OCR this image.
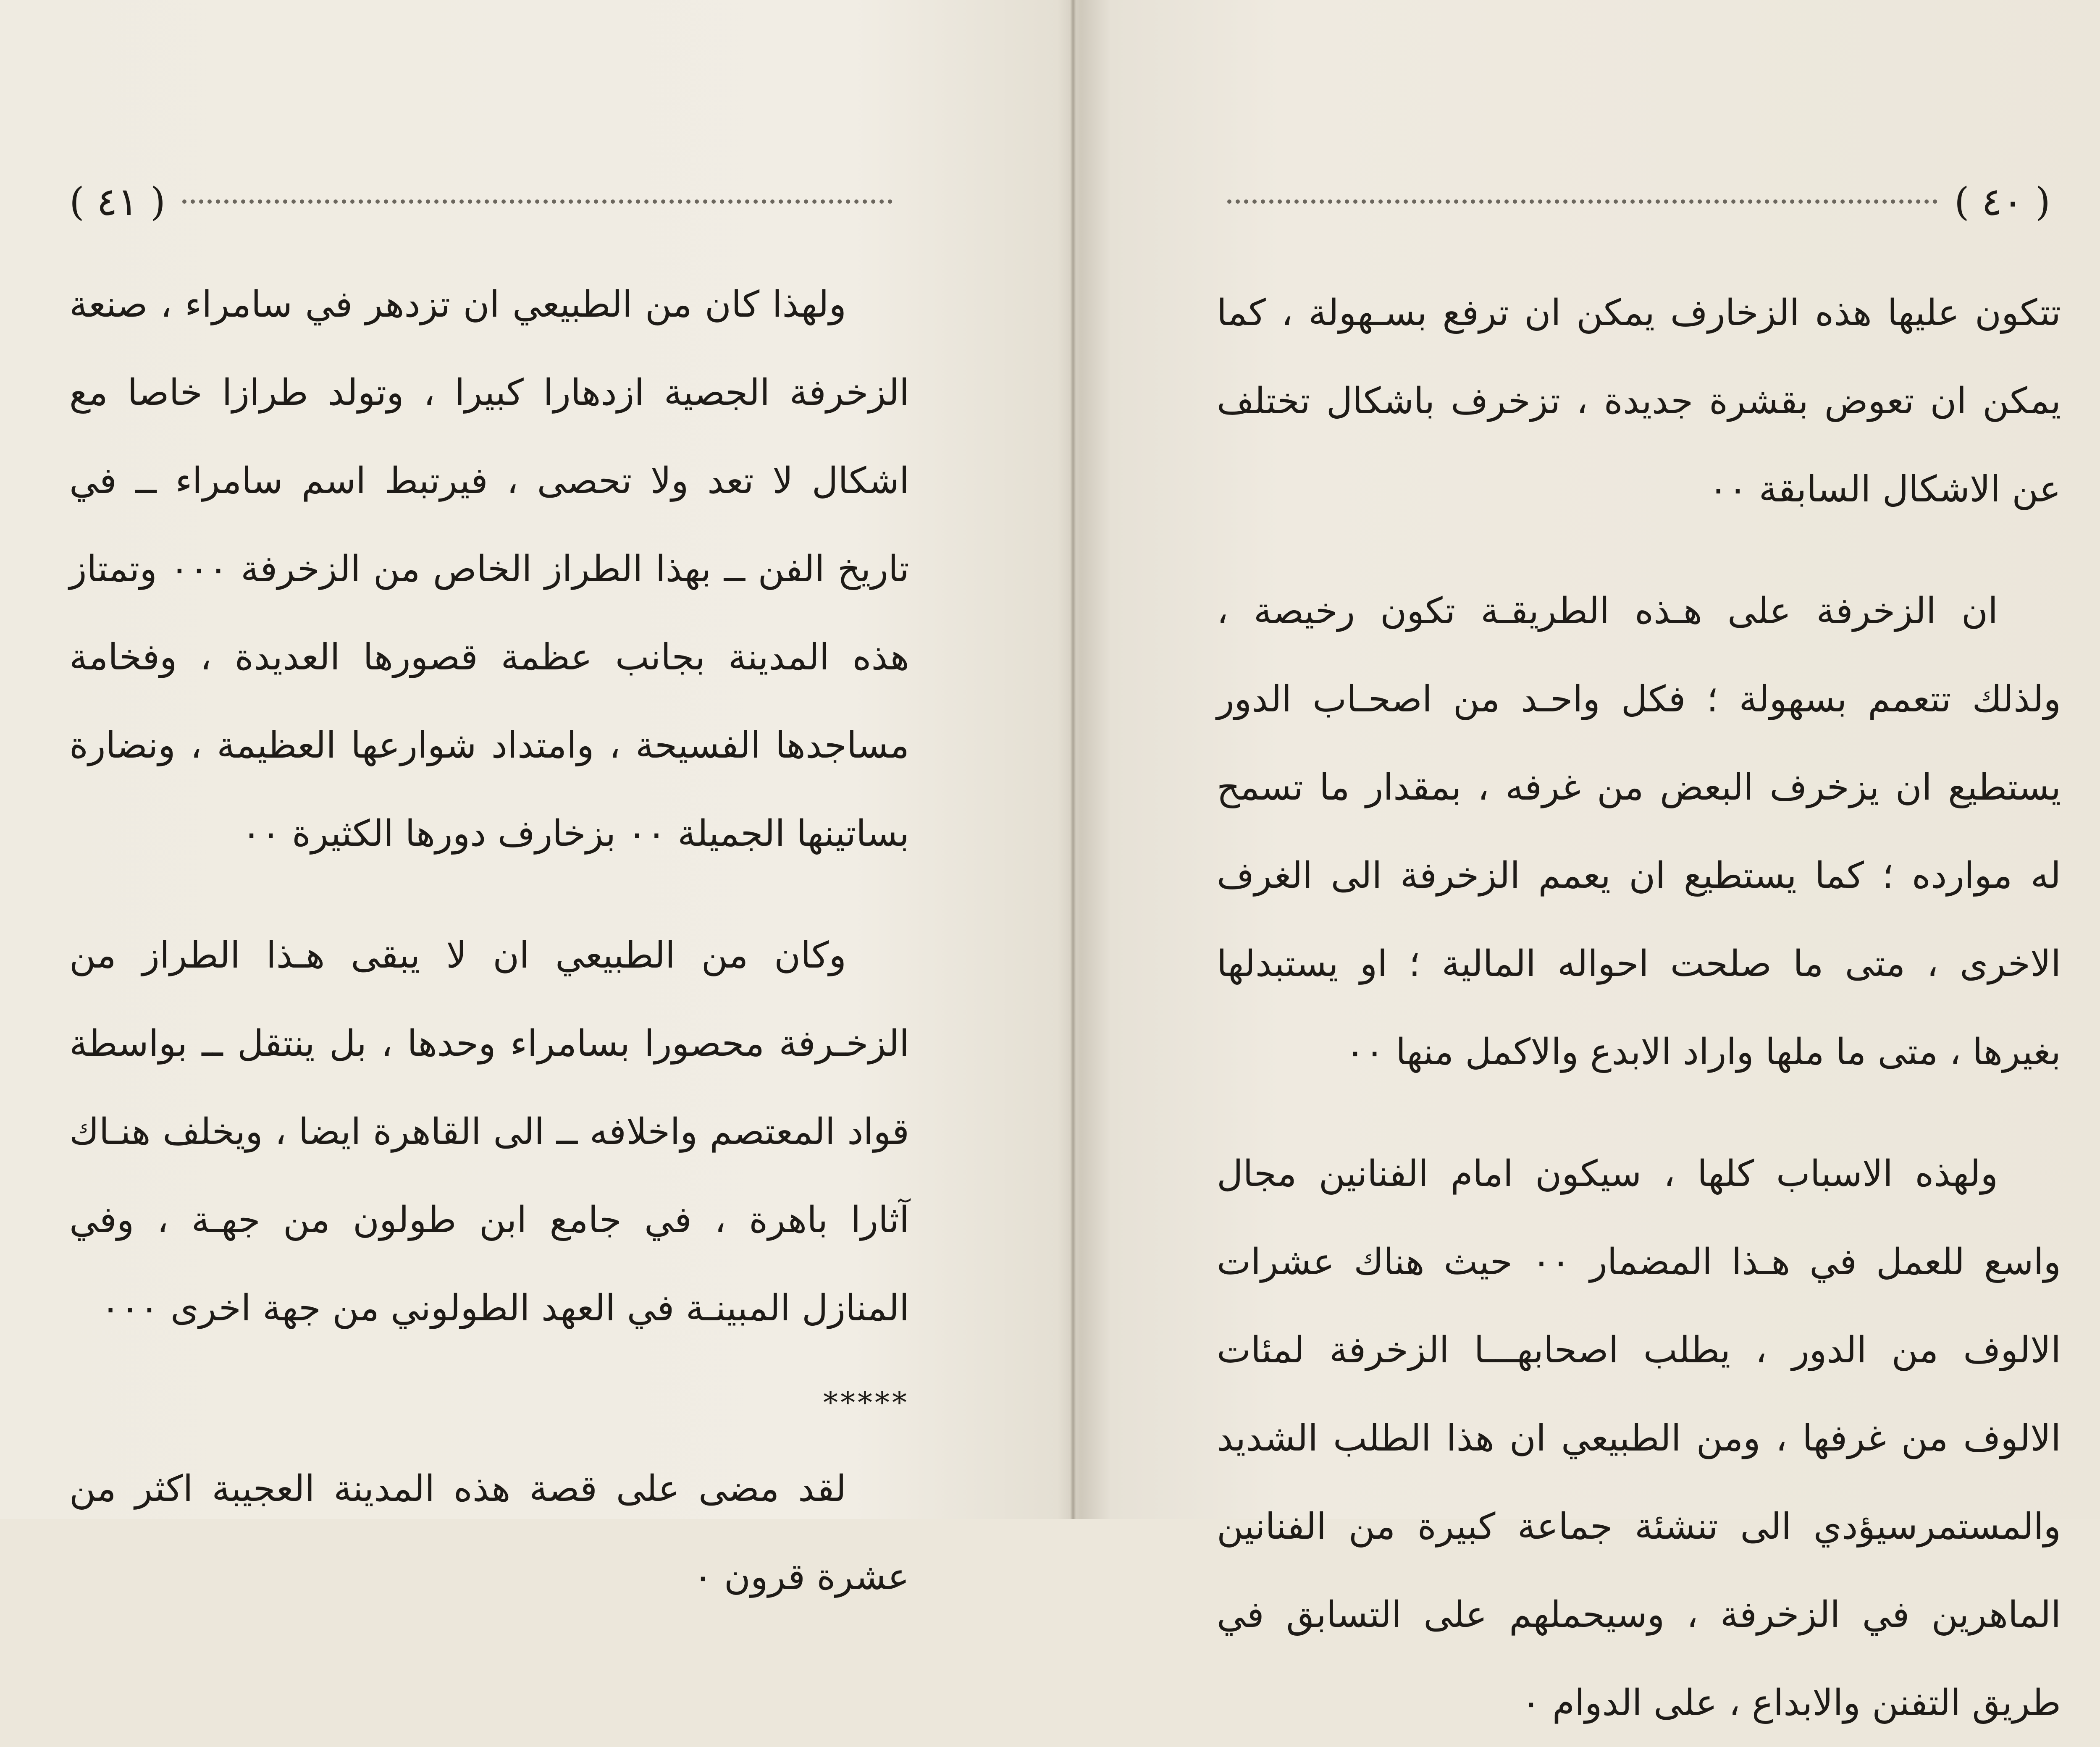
( ٤١ )

ولهذا كان من الطبيعي ان تزدهر في سامراء ، صنعة الزخرفة الجصية ازدهارا كبيرا ، وتولد طرازا خاصا مع اشكال لا تعد ولا تحصى ، فيرتبط اسم سامراء ــ في تاريخ الفن ــ بهذا الطراز الخاص من الزخرفة ٠٠٠ وتمتاز هذه المدينة بجانب عظمة قصورها العديدة ، وفخامة مساجدها الفسيحة ، وامتداد شوارعها العظيمة ، ونضارة بساتينها الجميلة ٠٠ بزخارف دورها الكثيرة ٠٠

وكان من الطبيعي ان لا يبقى هـذا الطراز من الزخـرفة محصورا بسامراء وحدها ، بل ينتقل ــ بواسطة قواد المعتصم واخلافه ــ الى القاهرة ايضا ، ويخلف هنـاك آثارا باهرة ، في جامع ابن طولون من جهـة ، وفي المنازل المبينـة في العهد الطولوني من جهة اخرى ٠٠٠

*****

لقد مضى على قصة هذه المدينة العجيبة اكثر من عشرة قرون ٠

( ٤٠ )

تتكون عليها هذه الزخارف يمكن ان ترفع بسـهولة ، كما يمكن ان تعوض بقشرة جديدة ، تزخرف باشكال تختلف عن الاشكال السابقة ٠٠

ان الزخرفة على هـذه الطريقـة تكون رخيصة ، ولذلك تتعمم بسهولة ؛ فكل واحـد من اصحـاب الدور يستطيع ان يزخرف البعض من غرفه ، بمقدار ما تسمح له موارده ؛ كما يستطيع ان يعمم الزخرفة الى الغرف الاخرى ، متى ما صلحت احواله المالية ؛ او يستبدلها بغيرها ، متى ما ملها واراد الابدع والاكمل منها ٠٠

ولهذه الاسباب كلها ، سيكون امام الفنانين مجال واسع للعمل في هـذا المضمار ٠٠ حيث هناك عشرات الالوف من الدور ، يطلب اصحابهـــا الزخرفة لمئات الالوف من غرفها ، ومن الطبيعي ان هذا الطلب الشديد والمستمرسيؤدي الى تنشئة جماعة كبيرة من الفنانين الماهرين في الزخرفة ، وسيحملهم على التسابق في طريق التفنن والابداع ، على الدوام ٠
